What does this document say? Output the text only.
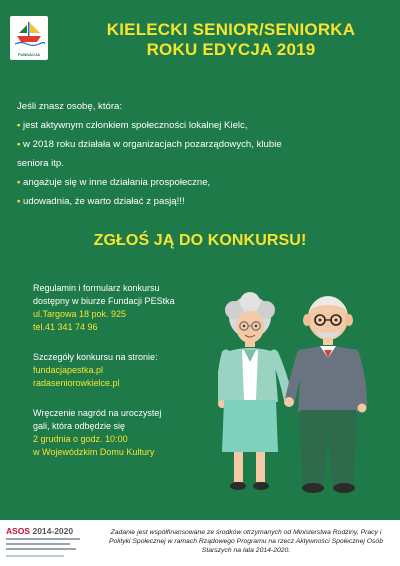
FUNDACJA
KIELECKI SENIOR/SENIORKA
ROKU EDYCJA 2019
Jeśli znasz osobę, która:
• jest aktywnym członkiem społeczności lokalnej Kielc,
• w 2018 roku działała w organizacjach pozarządowych, klubie
seniora itp.
• angażuje się w inne działania prospołeczne,
• udowadnia, że warto działać z pasją!!!
ZGŁOŚ JĄ DO KONKURSU!
Regulamin i formularz konkursu
dostępny w biurze Fundacji PEStka
ul.Targowa 18 pok. 925
tel.41 341 74 96
Szczegóły konkursu na stronie:
fundacjapestka.pl
radaseniorowkielce.pl
Wręczenie nagród na uroczystej
gali, która odbędzie się
2 grudnia o godz. 10:00
w Wojewódzkim Domu Kultury
ASOS 2014-2020	Zadanie jest współfinansowane ze środków otrzymanych od Ministerstwa Rodziny, Pracy i Polityki Społecznej w ramach Rządowego Programu na rzecz Aktywności Społecznej Osób Starszych na lata 2014-2020.
